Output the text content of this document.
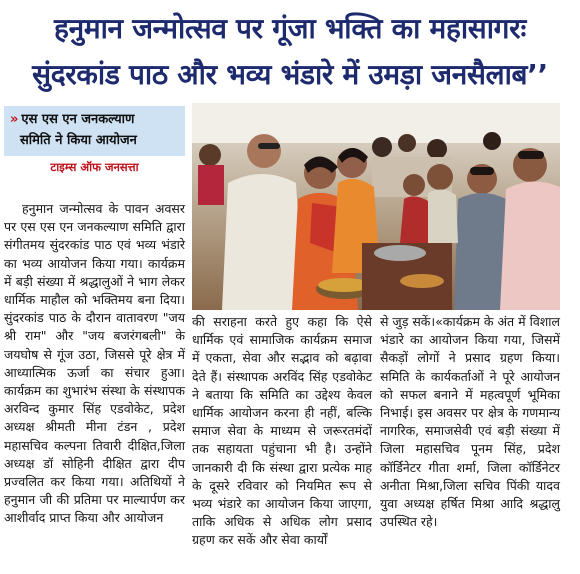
हनुमान जन्मोत्सव पर गूंजा भक्ति का महासागरः
सुंदरकांड पाठ और भव्य भंडारे में उमड़ा जनसैलाब’’
» एस एस एन जनकल्याण
समिति ने किया आयोजन
टाइम्स ऑफ जनसत्ता
हनुमान जन्मोत्सव के पावन अवसर पर एस एस एन जनकल्याण समिति द्वारा संगीतमय सुंदरकांड पाठ एवं भव्य भंडारे का भव्य आयोजन किया गया। कार्यक्रम में बड़ी संख्या में श्रद्धालुओं ने भाग लेकर धार्मिक माहौल को भक्तिमय बना दिया। सुंदरकांड पाठ के दौरान वातावरण "जय श्री राम" और "जय बजरंगबली" के जयघोष से गूंज उठा, जिससे पूरे क्षेत्र में आध्यात्मिक ऊर्जा का संचार हुआ। कार्यक्रम का शुभारंभ संस्था के संस्थापक अरविन्द कुमार सिंह एडवोकेट, प्रदेश अध्यक्ष श्रीमती मीना टंडन , प्रदेश महासचिव कल्पना तिवारी दीक्षित,जिला अध्यक्ष डॉ सोहिनी दीक्षित द्वारा दीप प्रज्वलित कर किया गया। अतिथियों ने हनुमान जी की प्रतिमा पर माल्यार्पण कर आशीर्वाद प्राप्त किया और आयोजन
की सराहना करते हुए कहा कि ऐसे धार्मिक एवं सामाजिक कार्यक्रम समाज में एकता, सेवा और सद्भाव को बढ़ावा देते हैं। संस्थापक अरविंद सिंह एडवोकेट ने बताया कि समिति का उद्देश्य केवल धार्मिक आयोजन करना ही नहीं, बल्कि समाज सेवा के माध्यम से जरूरतमंदों तक सहायता पहुंचाना भी है। उन्होंने जानकारी दी कि संस्था द्वारा प्रत्येक माह के दूसरे रविवार को नियमित रूप से भव्य भंडारे का आयोजन किया जाएगा, ताकि अधिक से अधिक लोग प्रसाद ग्रहण कर सकें और सेवा कार्यों
से जुड़ सकें।«कार्यक्रम के अंत में विशाल भंडारे का आयोजन किया गया, जिसमें सैकड़ों लोगों ने प्रसाद ग्रहण किया। समिति के कार्यकर्ताओं ने पूरे आयोजन को सफल बनाने में महत्वपूर्ण भूमिका निभाई। इस अवसर पर क्षेत्र के गणमान्य नागरिक, समाजसेवी एवं बड़ी संख्या में जिला महासचिव पूनम सिंह, प्रदेश कॉर्डिनेटर गीता शर्मा, जिला कॉर्डिनेटर अनीता मिश्रा,जिला सचिव पिंकी यादव युवा अध्यक्ष हर्षित मिश्रा आदि श्रद्धालु उपस्थित रहे।
